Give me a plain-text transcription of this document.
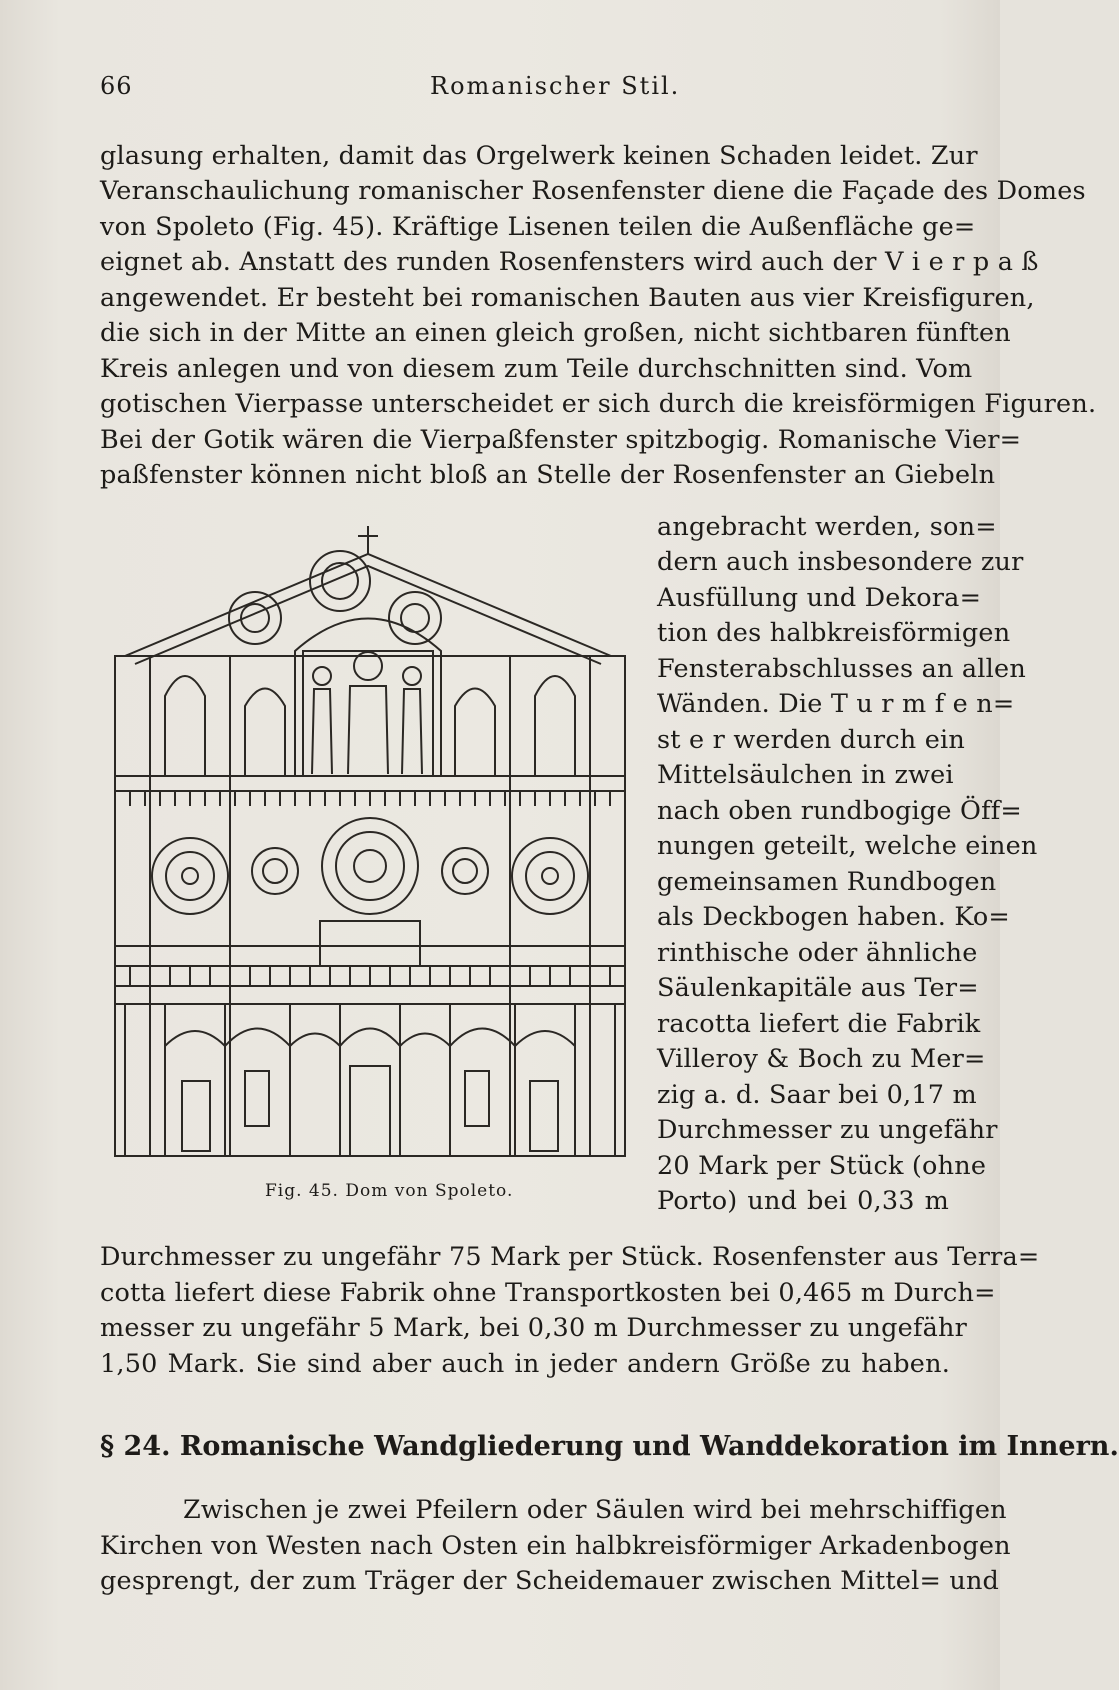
66	Romanischer Stil.
glasung erhalten, damit das Orgelwerk keinen Schaden leidet. Zur
Veranschaulichung romanischer Rosenfenster diene die Façade des Domes
von Spoleto (Fig. 45). Kräftige Lisenen teilen die Außenfläche ge=
eignet ab. Anstatt des runden Rosenfensters wird auch der V i e r p a ß
angewendet. Er besteht bei romanischen Bauten aus vier Kreisfiguren,
die sich in der Mitte an einen gleich großen, nicht sichtbaren fünften
Kreis anlegen und von diesem zum Teile durchschnitten sind. Vom
gotischen Vierpasse unterscheidet er sich durch die kreisförmigen Figuren.
Bei der Gotik wären die Vierpaßfenster spitzbogig. Romanische Vier=
paßfenster können nicht bloß an Stelle der Rosenfenster an Giebeln
angebracht werden, son=
dern auch insbesondere zur
Ausfüllung und Dekora=
tion des halbkreisförmigen
Fensterabschlusses an allen
Wänden. Die T u r m f e n=
st e r werden durch ein
Mittelsäulchen in zwei
nach oben rundbogige Öff=
nungen geteilt, welche einen
gemeinsamen Rundbogen
als Deckbogen haben. Ko=
rinthische oder ähnliche
Säulenkapitäle aus Ter=
racotta liefert die Fabrik
Villeroy & Boch zu Mer=
zig a. d. Saar bei 0,17 m
Durchmesser zu ungefähr
20 Mark per Stück (ohne
Porto) und bei 0,33 m
Fig. 45. Dom von Spoleto.
Durchmesser zu ungefähr 75 Mark per Stück. Rosenfenster aus Terra=
cotta liefert diese Fabrik ohne Transportkosten bei 0,465 m Durch=
messer zu ungefähr 5 Mark, bei 0,30 m Durchmesser zu ungefähr
1,50 Mark. Sie sind aber auch in jeder andern Größe zu haben.
§ 24. Romanische Wandgliederung und Wanddekoration im Innern.
Zwischen je zwei Pfeilern oder Säulen wird bei mehrschiffigen
Kirchen von Westen nach Osten ein halbkreisförmiger Arkadenbogen
gesprengt, der zum Träger der Scheidemauer zwischen Mittel= und
